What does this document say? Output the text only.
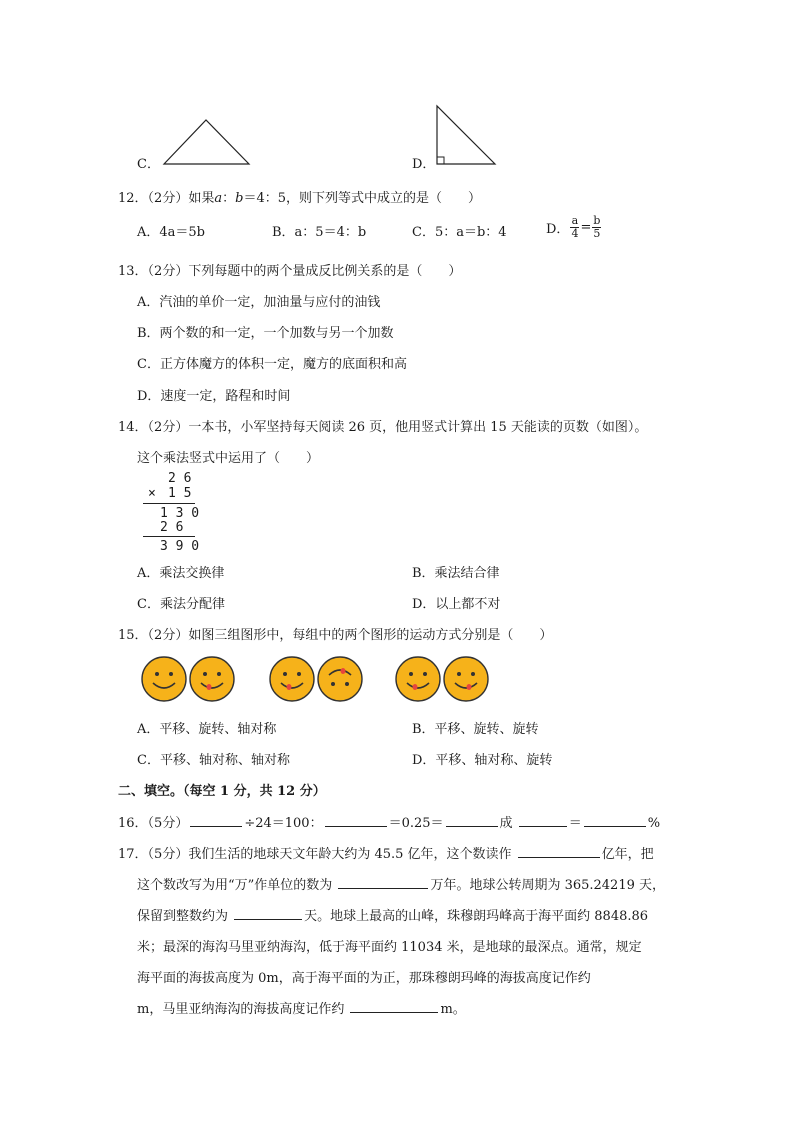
C．	D．
12．（2分）如果a：b＝4：5，则下列等式中成立的是（　　）
A．4a＝5b	B．a：5＝4：b	C．5：a＝b：4	D． $\frac{a}{4} = \frac{b}{5}$
13．（2分）下列每题中的两个量成反比例关系的是（　　）
A．汽油的单价一定，加油量与应付的油钱
B．两个数的和一定，一个加数与另一个加数
C．正方体魔方的体积一定，魔方的底面积和高
D．速度一定，路程和时间
14．（2分）一本书，小军坚持每天阅读 26 页，他用竖式计算出 15 天能读的页数（如图）。
这个乘法竖式中运用了（　　）
2 6
× 1 5
1 3 0
2 6
3 9 0
A．乘法交换律	B．乘法结合律
C．乘法分配律	D．以上都不对
15．（2分）如图三组图形中，每组中的两个图形的运动方式分别是（　　）
A．平移、旋转、轴对称	B．平移、旋转、旋转
C．平移、轴对称、轴对称	D．平移、轴对称、旋转
二、填空。（每空 1 分，共 12 分）
16．（5分）	÷24＝100：	＝0.25＝	成	＝	%
17．（5分）我们生活的地球天文年龄大约为 45.5 亿年，这个数读作	亿年，把
这个数改写为用“万”作单位的数为	万年。地球公转周期为 365.24219 天，
保留到整数约为	天。地球上最高的山峰，珠穆朗玛峰高于海平面约 8848.86
米；最深的海沟马里亚纳海沟，低于海平面约 11034 米，是地球的最深点。通常，规定
海平面的海拔高度为 0m，高于海平面的为正，那珠穆朗玛峰的海拔高度记作约
m，马里亚纳海沟的海拔高度记作约	m。
